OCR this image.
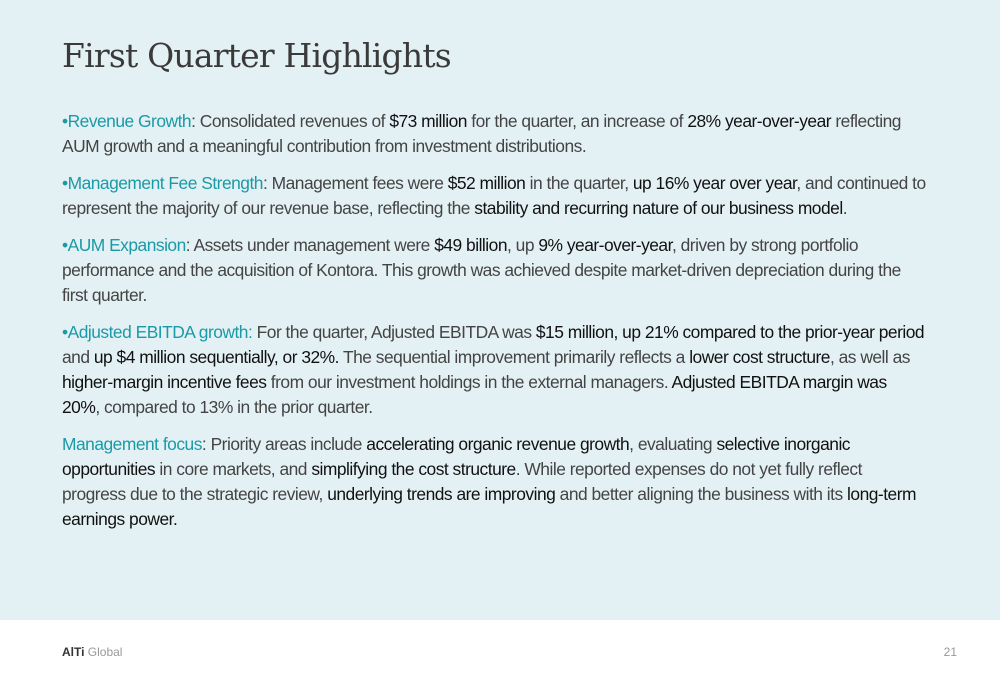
First Quarter Highlights

•Revenue Growth: Consolidated revenues of $73 million for the quarter, an increase of 28% year-over-year reflecting AUM growth and a meaningful contribution from investment distributions.

•Management Fee Strength: Management fees were $52 million in the quarter, up 16% year over year, and continued to represent the majority of our revenue base, reflecting the stability and recurring nature of our business model.

•AUM Expansion: Assets under management were $49 billion, up 9% year-over-year, driven by strong portfolio performance and the acquisition of Kontora. This growth was achieved despite market-driven depreciation during the first quarter.

•Adjusted EBITDA growth: For the quarter, Adjusted EBITDA was $15 million, up 21% compared to the prior-year period and up $4 million sequentially, or 32%. The sequential improvement primarily reflects a lower cost structure, as well as higher-margin incentive fees from our investment holdings in the external managers. Adjusted EBITDA margin was 20%, compared to 13% in the prior quarter.

Management focus: Priority areas include accelerating organic revenue growth, evaluating selective inorganic opportunities in core markets, and simplifying the cost structure. While reported expenses do not yet fully reflect progress due to the strategic review, underlying trends are improving and better aligning the business with its long-term earnings power.

AlTi Global	21
